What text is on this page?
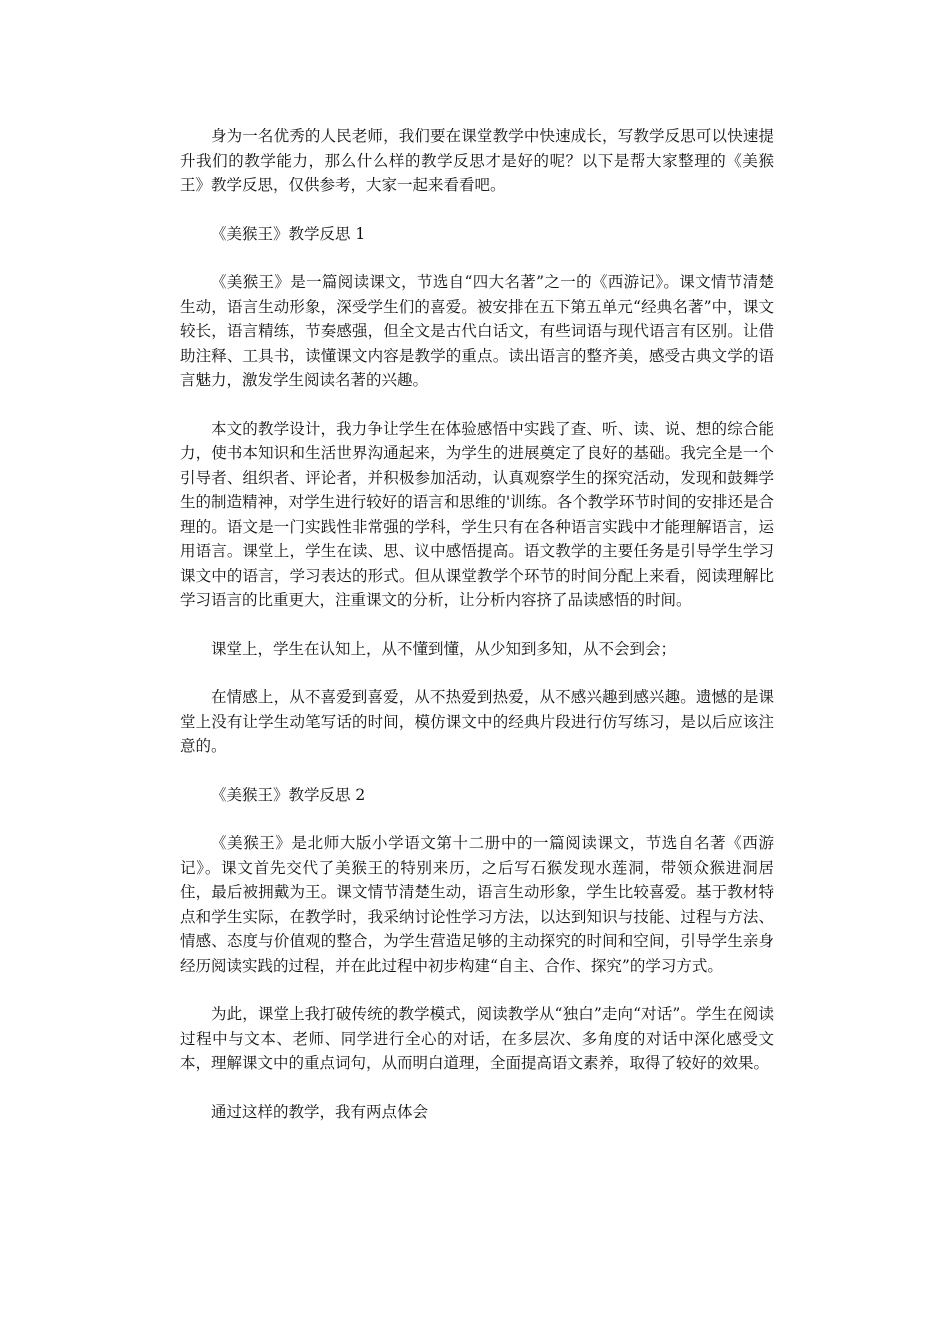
身为一名优秀的人民老师，我们要在课堂教学中快速成长，写教学反思可以快速提升我们的教学能力，那么什么样的教学反思才是好的呢？以下是帮大家整理的《美猴王》教学反思，仅供参考，大家一起来看看吧。

《美猴王》教学反思 1

《美猴王》是一篇阅读课文，节选自“四大名著”之一的《西游记》。课文情节清楚生动，语言生动形象，深受学生们的喜爱。被安排在五下第五单元“经典名著”中，课文较长，语言精练，节奏感强，但全文是古代白话文，有些词语与现代语言有区别。让借助注释、工具书，读懂课文内容是教学的重点。读出语言的整齐美，感受古典文学的语言魅力，激发学生阅读名著的兴趣。

本文的教学设计，我力争让学生在体验感悟中实践了查、听、读、说、想的综合能力，使书本知识和生活世界沟通起来，为学生的进展奠定了良好的基础。我完全是一个引导者、组织者、评论者，并积极参加活动，认真观察学生的探究活动，发现和鼓舞学生的制造精神，对学生进行较好的语言和思维的'训练。各个教学环节时间的安排还是合理的。语文是一门实践性非常强的学科，学生只有在各种语言实践中才能理解语言，运用语言。课堂上，学生在读、思、议中感悟提高。语文教学的主要任务是引导学生学习课文中的语言，学习表达的形式。但从课堂教学个环节的时间分配上来看，阅读理解比学习语言的比重更大，注重课文的分析，让分析内容挤了品读感悟的时间。

课堂上，学生在认知上，从不懂到懂，从少知到多知，从不会到会；

在情感上，从不喜爱到喜爱，从不热爱到热爱，从不感兴趣到感兴趣。遗憾的是课堂上没有让学生动笔写话的时间，模仿课文中的经典片段进行仿写练习，是以后应该注意的。

《美猴王》教学反思 2

《美猴王》是北师大版小学语文第十二册中的一篇阅读课文，节选自名著《西游记》。课文首先交代了美猴王的特别来历，之后写石猴发现水莲洞，带领众猴进洞居住，最后被拥戴为王。课文情节清楚生动，语言生动形象，学生比较喜爱。基于教材特点和学生实际，在教学时，我采纳讨论性学习方法，以达到知识与技能、过程与方法、情感、态度与价值观的整合，为学生营造足够的主动探究的时间和空间，引导学生亲身经历阅读实践的过程，并在此过程中初步构建“自主、合作、探究”的学习方式。

为此，课堂上我打破传统的教学模式，阅读教学从“独白”走向“对话”。学生在阅读过程中与文本、老师、同学进行全心的对话，在多层次、多角度的对话中深化感受文本，理解课文中的重点词句，从而明白道理，全面提高语文素养，取得了较好的效果。

通过这样的教学，我有两点体会
